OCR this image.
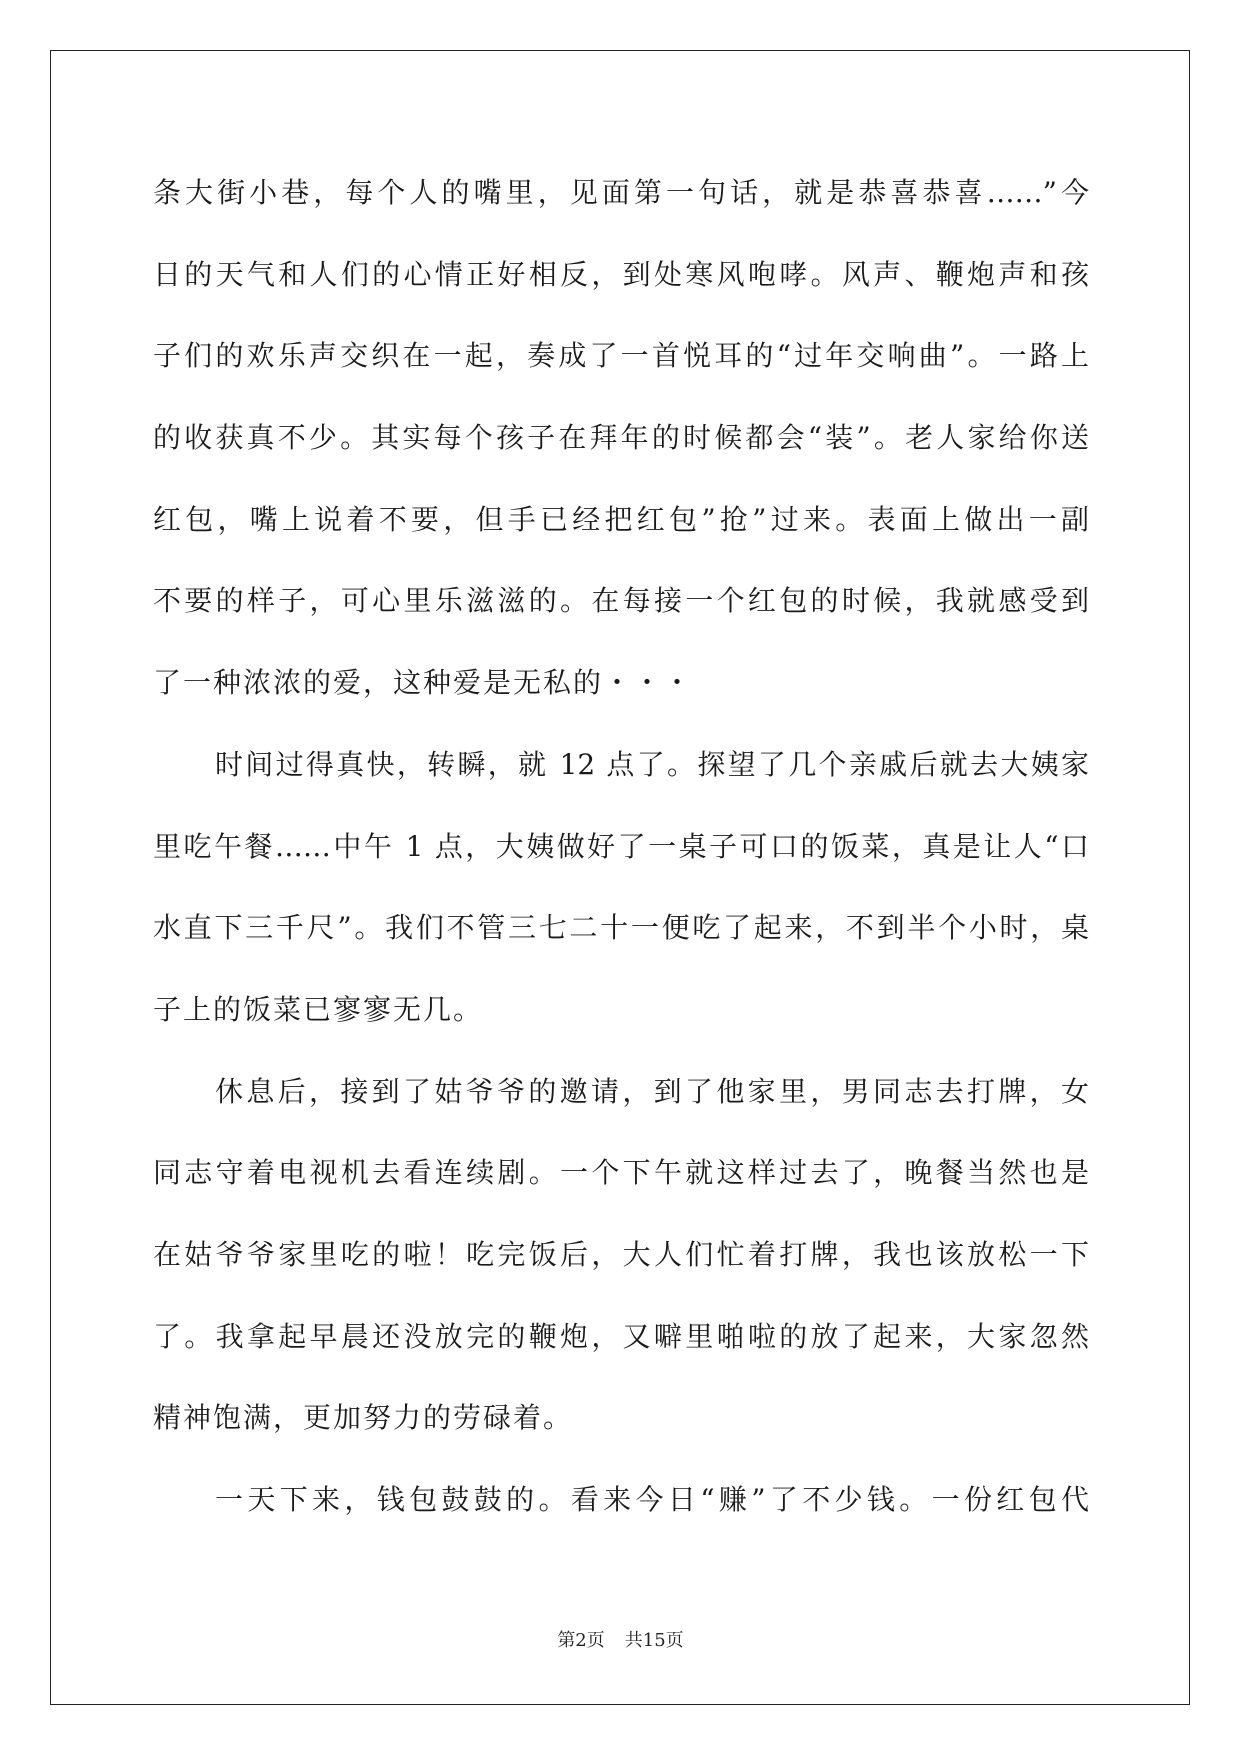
条大街小巷，每个人的嘴里，见面第一句话，就是恭喜恭喜……”今
日的天气和人们的心情正好相反，到处寒风咆哮。风声、鞭炮声和孩
子们的欢乐声交织在一起，奏成了一首悦耳的“过年交响曲”。一路上
的收获真不少。其实每个孩子在拜年的时候都会“装”。老人家给你送
红包，嘴上说着不要，但手已经把红包”抢”过来。表面上做出一副
不要的样子，可心里乐滋滋的。在每接一个红包的时候，我就感受到
了一种浓浓的爱，这种爱是无私的・・・
时间过得真快，转瞬，就 12 点了。探望了几个亲戚后就去大姨家
里吃午餐……中午 1 点，大姨做好了一桌子可口的饭菜，真是让人“口
水直下三千尺”。我们不管三七二十一便吃了起来，不到半个小时，桌
子上的饭菜已寥寥无几。
休息后，接到了姑爷爷的邀请，到了他家里，男同志去打牌，女
同志守着电视机去看连续剧。一个下午就这样过去了，晚餐当然也是
在姑爷爷家里吃的啦！吃完饭后，大人们忙着打牌，我也该放松一下
了。我拿起早晨还没放完的鞭炮，又噼里啪啦的放了起来，大家忽然
精神饱满，更加努力的劳碌着。
一天下来，钱包鼓鼓的。看来今日“赚”了不少钱。一份红包代
第2页 共15页
